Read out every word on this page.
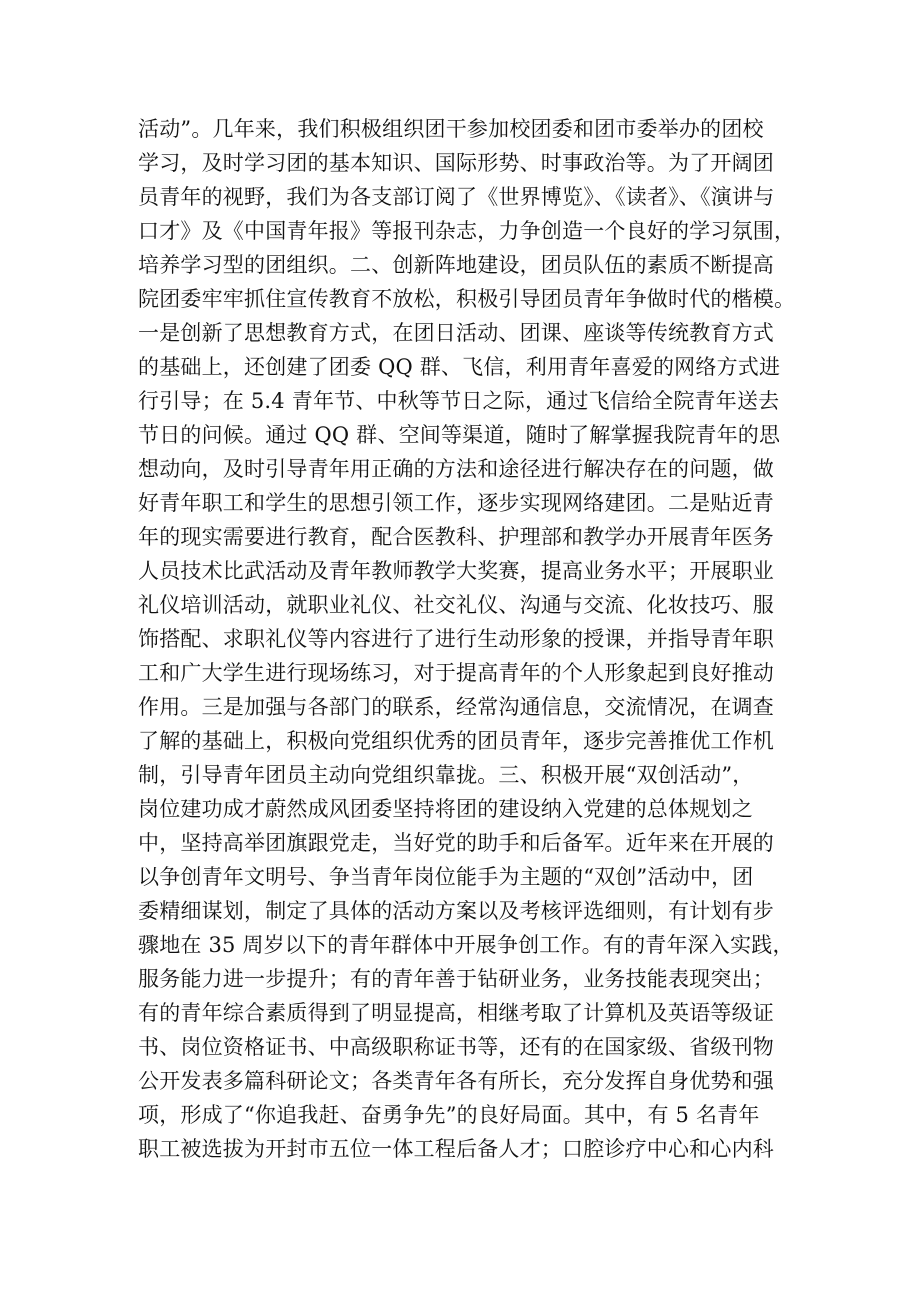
活动”。几年来，我们积极组织团干参加校团委和团市委举办的团校
学习，及时学习团的基本知识、国际形势、时事政治等。为了开阔团
员青年的视野，我们为各支部订阅了《世界博览》、《读者》、《演讲与
口才》及《中国青年报》等报刊杂志，力争创造一个良好的学习氛围，
培养学习型的团组织。二、创新阵地建设，团员队伍的素质不断提高
院团委牢牢抓住宣传教育不放松，积极引导团员青年争做时代的楷模。
一是创新了思想教育方式，在团日活动、团课、座谈等传统教育方式
的基础上，还创建了团委 QQ 群、飞信，利用青年喜爱的网络方式进
行引导；在 5.4 青年节、中秋等节日之际，通过飞信给全院青年送去
节日的问候。通过 QQ 群、空间等渠道，随时了解掌握我院青年的思
想动向，及时引导青年用正确的方法和途径进行解决存在的问题，做
好青年职工和学生的思想引领工作，逐步实现网络建团。二是贴近青
年的现实需要进行教育，配合医教科、护理部和教学办开展青年医务
人员技术比武活动及青年教师教学大奖赛，提高业务水平；开展职业
礼仪培训活动，就职业礼仪、社交礼仪、沟通与交流、化妆技巧、服
饰搭配、求职礼仪等内容进行了进行生动形象的授课，并指导青年职
工和广大学生进行现场练习，对于提高青年的个人形象起到良好推动
作用。三是加强与各部门的联系，经常沟通信息，交流情况，在调查
了解的基础上，积极向党组织优秀的团员青年，逐步完善推优工作机
制，引导青年团员主动向党组织靠拢。三、积极开展“双创活动”，
岗位建功成才蔚然成风团委坚持将团的建设纳入党建的总体规划之
中，坚持高举团旗跟党走，当好党的助手和后备军。近年来在开展的
以争创青年文明号、争当青年岗位能手为主题的“双创”活动中，团
委精细谋划，制定了具体的活动方案以及考核评选细则，有计划有步
骤地在 35 周岁以下的青年群体中开展争创工作。有的青年深入实践，
服务能力进一步提升；有的青年善于钻研业务，业务技能表现突出；
有的青年综合素质得到了明显提高，相继考取了计算机及英语等级证
书、岗位资格证书、中高级职称证书等，还有的在国家级、省级刊物
公开发表多篇科研论文；各类青年各有所长，充分发挥自身优势和强
项，形成了“你追我赶、奋勇争先”的良好局面。其中，有 5 名青年
职工被选拔为开封市五位一体工程后备人才；口腔诊疗中心和心内科
